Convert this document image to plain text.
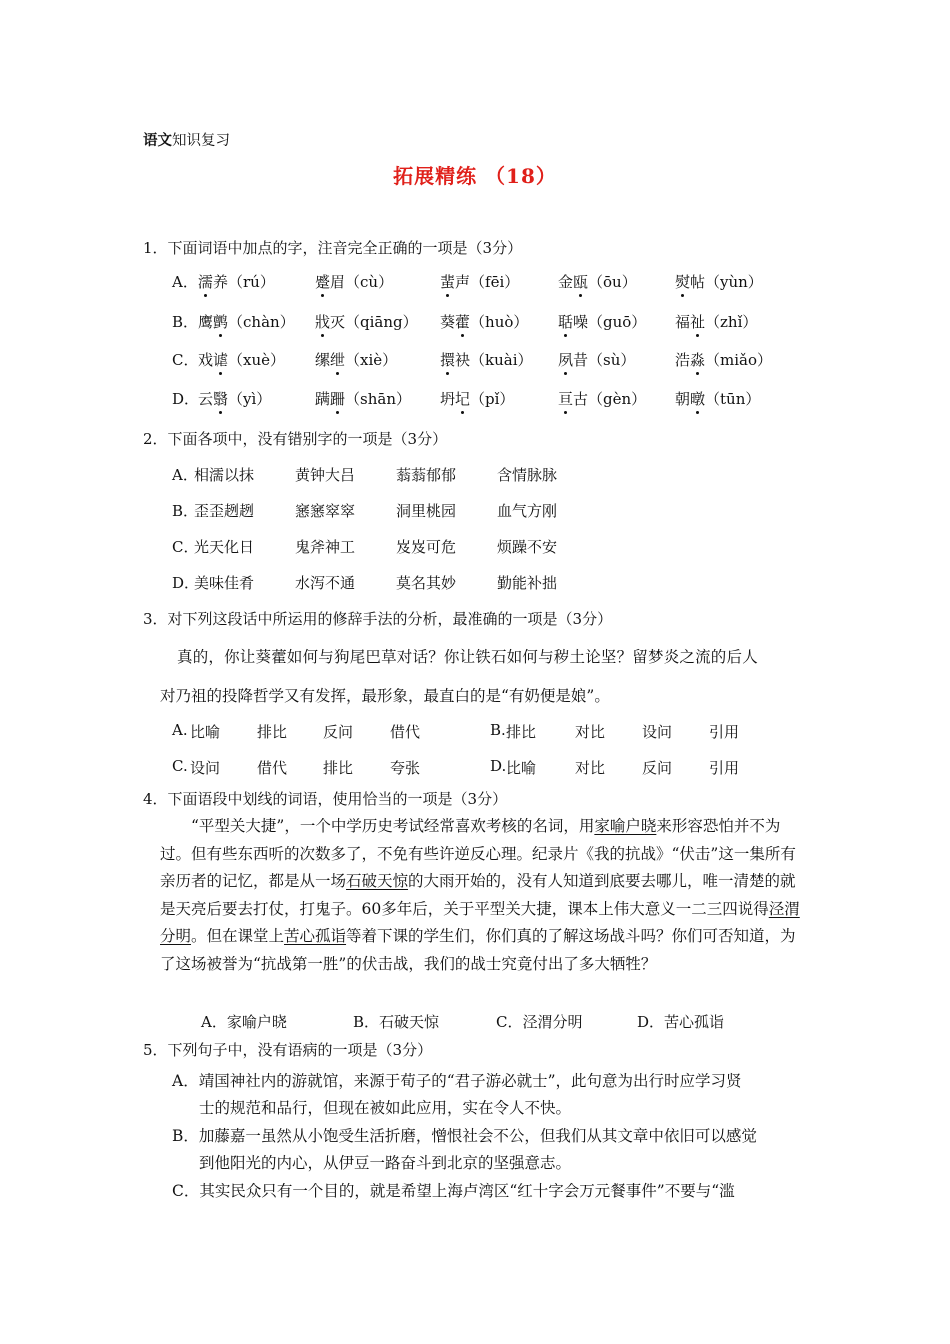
语文知识复习
拓展精练 （18）
1．下面词语中加点的字，注音完全正确的一项是（3分）
A． 濡养（rú）	蹙眉（cù）	蜚声（fēi）	金瓯（ōu）	熨帖（yùn）
B． 鹰鹯（chàn） 戕灭（qiāng） 葵藿（huò） 聒噪（guō） 福祉（zhǐ）
C． 戏谑（xuè） 缧绁（xiè）	擐袂（kuài） 夙昔（sù）	浩淼（miǎo）
D．
云翳（yì）	蹒跚（shān） 坍圮（pǐ）	亘古（gèn） 朝暾（tūn）
2．下面各项中，没有错别字的一项是（3分）
A．
相濡以抹	黄钟大吕	蓊蓊郁郁	含情脉脉
B．
歪歪趔趔	窸窸窣窣	洞里桃园	血气方刚
C．
光天化日	鬼斧神工	岌岌可危	烦躁不安
D．
美味佳肴	水泻不通	莫名其妙	勤能补拙
3．对下列这段话中所运用的修辞手法的分析，最准确的一项是（3分）
真的，你让葵藿如何与狗尾巴草对话？你让铁石如何与秽土论坚？留梦炎之流的后人
对乃祖的投降哲学又有发挥，最形象，最直白的是“有奶便是娘”。
A. 比喻 排比 反问 借代	B. 排比	对比 设问 引用
C. 设问 借代 排比 夸张	D. 比喻	对比 反问 引用
4．下面语段中划线的词语，使用恰当的一项是（3分）
“平型关大捷”，一个中学历史考试经常喜欢考核的名词，用家喻户晓来形容恐怕并不为过。但有些东西听的次数多了，不免有些许逆反心理。纪录片《我的抗战》“伏击”这一集所有亲历者的记忆，都是从一场石破天惊的大雨开始的，没有人知道到底要去哪儿，唯一清楚的就是天亮后要去打仗，打鬼子。60多年后，关于平型关大捷，课本上伟大意义一二三四说得泾渭分明。但在课堂上苦心孤诣等着下课的学生们，你们真的了解这场战斗吗？你们可否知道，为了这场被誉为“抗战第一胜”的伏击战，我们的战士究竟付出了多大牺牲？
A．家喻户晓	B．石破天惊	C．泾渭分明	D．苦心孤诣
5．下列句子中，没有语病的一项是（3分）
A．靖国神社内的游就馆，来源于荀子的“君子游必就士”，此句意为出行时应学习贤
士的规范和品行，但现在被如此应用，实在令人不快。
B．加藤嘉一虽然从小饱受生活折磨，憎恨社会不公，但我们从其文章中依旧可以感觉
到他阳光的内心，从伊豆一路奋斗到北京的坚强意志。
C．其实民众只有一个目的，就是希望上海卢湾区“红十字会万元餐事件”不要与“滥
